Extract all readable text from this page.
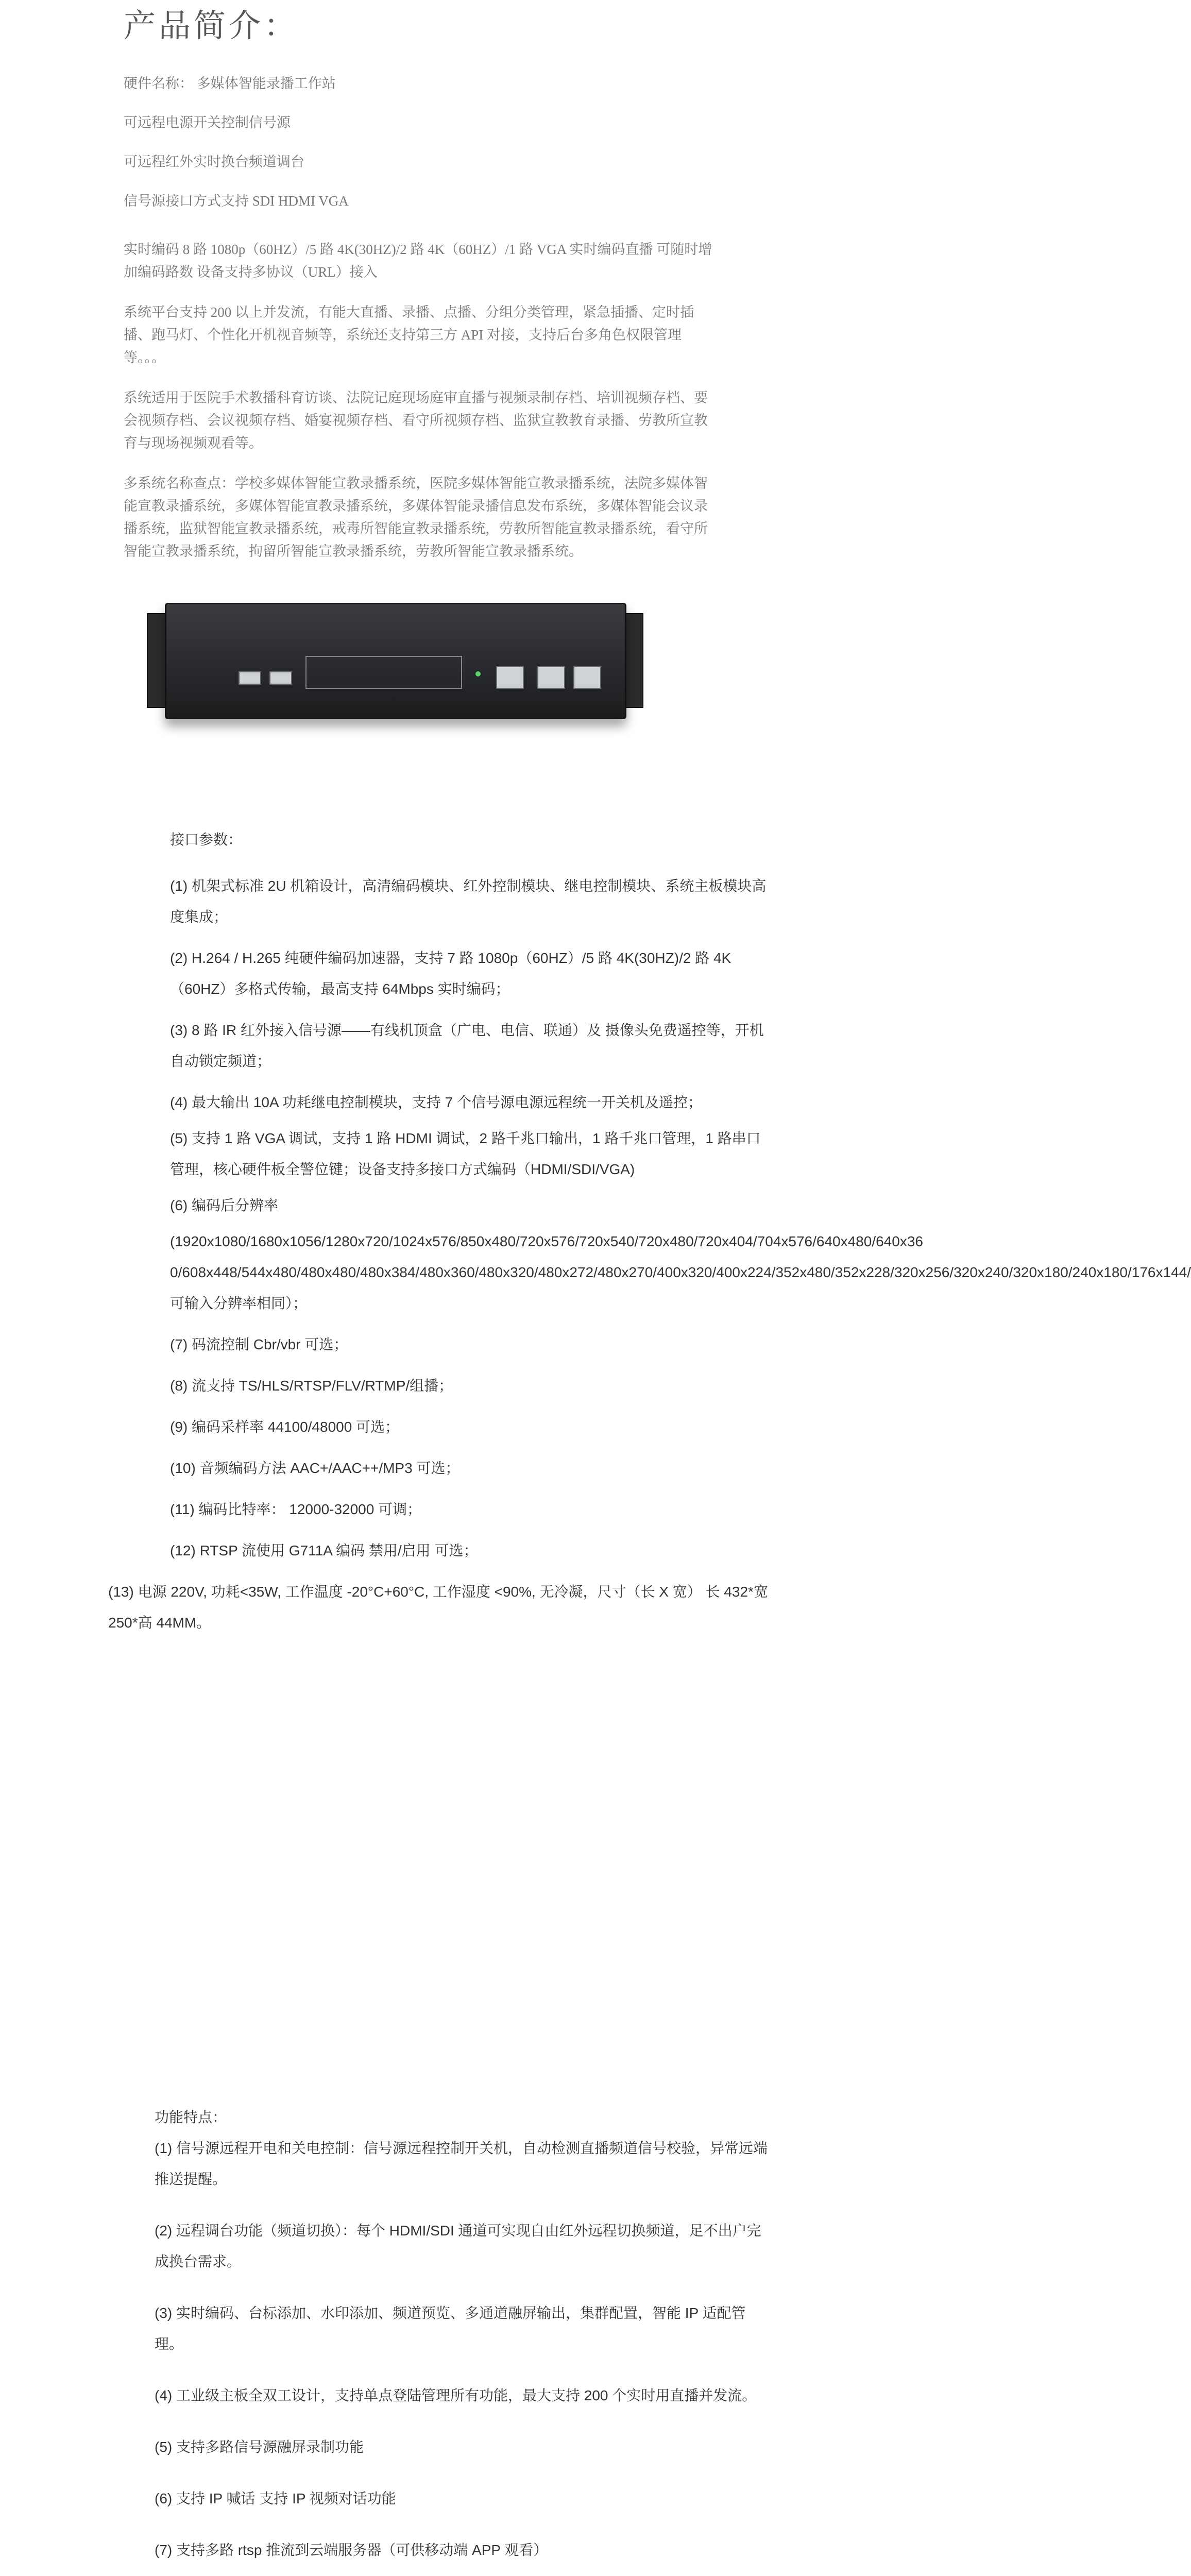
产品简介：

硬件名称： 多媒体智能录播工作站

可远程电源开关控制信号源

可远程红外实时换台频道调台

信号源接口方式支持 SDI HDMI VGA

实时编码 8 路 1080p（60HZ）/5 路 4K(30HZ)/2 路 4K（60HZ）/1 路 VGA 实时编码直播 可随时增加编码路数 设备支持多协议（URL）接入

系统平台支持 200 以上并发流，有能大直播、录播、点播、分组分类管理，紧急插播、定时插播、跑马灯、个性化开机视音频等，系统还支持第三方 API 对接，支持后台多角色权限管理等。。。

系统适用于医院手术教播科育访谈、法院记庭现场庭审直播与视频录制存档、培训视频存档、要会视频存档、会议视频存档、婚宴视频存档、看守所视频存档、监狱宣教教育录播、劳教所宣教育与现场视频观看等。

多系统名称查点：学校多媒体智能宣教录播系统，医院多媒体智能宣教录播系统，法院多媒体智能宣教录播系统，多媒体智能宣教录播系统，多媒体智能录播信息发布系统，多媒体智能会议录播系统，监狱智能宣教录播系统，戒毒所智能宣教录播系统，劳教所智能宣教录播系统，看守所智能宣教录播系统，拘留所智能宣教录播系统，劳教所智能宣教录播系统。

接口参数：

(1) 机架式标准 2U 机箱设计，高清编码模块、红外控制模块、继电控制模块、系统主板模块高度集成；

(2) H.264 / H.265 纯硬件编码加速器，支持 7 路 1080p（60HZ）/5 路 4K(30HZ)/2 路 4K（60HZ）多格式传输，最高支持 64Mbps 实时编码；

(3) 8 路 IR 红外接入信号源——有线机顶盒（广电、电信、联通）及 摄像头免费遥控等，开机自动锁定频道；

(4) 最大输出 10A 功耗继电控制模块，支持 7 个信号源电源远程统一开关机及遥控；

(5) 支持 1 路 VGA 调试，支持 1 路 HDMI 调试，2 路千兆口输出，1 路千兆口管理，1 路串口管理，核心硬件板全警位键；设备支持多接口方式编码（HDMI/SDI/VGA)

(6) 编码后分辨率

(1920x1080/1680x1056/1280x720/1024x576/850x480/720x576/720x540/720x480/720x404/704x576/640x480/640x36 0/608x448/544x480/480x480/480x384/480x360/480x320/480x272/480x270/400x320/400x224/352x480/352x228/320x256/320x240/320x180/240x180/176x144/可输入分辨率相同）；

(7) 码流控制 Cbr/vbr 可选；

(8) 流支持 TS/HLS/RTSP/FLV/RTMP/组播；

(9) 编码采样率 44100/48000 可选；

(10) 音频编码方法 AAC+/AAC++/MP3 可选；

(11) 编码比特率： 12000-32000 可调；

(12) RTSP 流使用 G711A 编码 禁用/启用 可选；

(13) 电源 220V, 功耗<35W, 工作温度 -20°C+60°C, 工作湿度 <90%, 无冷凝，尺寸（长 X 宽） 长 432*宽 250*高 44MM。

功能特点：

(1) 信号源远程开电和关电控制：信号源远程控制开关机，自动检测直播频道信号校验，异常远端推送提醒。

(2) 远程调台功能（频道切换）：每个 HDMI/SDI 通道可实现自由红外远程切换频道，足不出户完成换台需求。

(3) 实时编码、台标添加、水印添加、频道预览、多通道融屏输出，集群配置，智能 IP 适配管理。

(4) 工业级主板全双工设计，支持单点登陆管理所有功能，最大支持 200 个实时用直播并发流。

(5) 支持多路信号源融屏录制功能

(6) 支持 IP 喊话 支持 IP 视频对话功能

(7) 支持多路 rtsp 推流到云端服务器（可供移动端 APP 观看）
